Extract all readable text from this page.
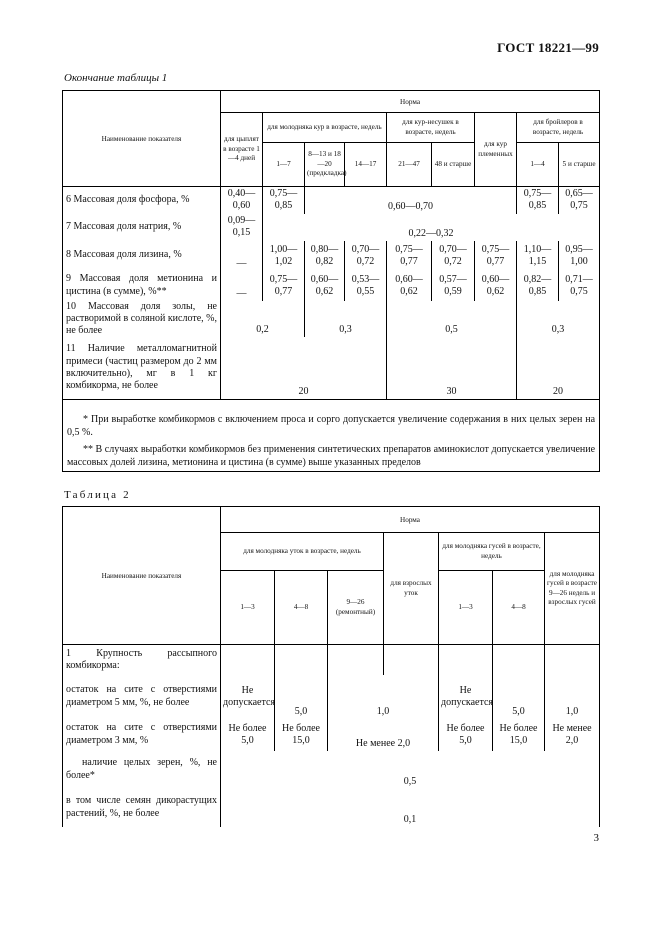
ГОСТ 18221—99
Окончание таблицы 1
Наименование показателя	Норма								
	для цыплят в возрасте 1—4 дней	для молодняка кур в возрасте, недель			для кур-несушек в возрасте, недель		для кур племенных	для бройлеров в возрасте, недель	
		1—7	8—13 и 18—20 (предкладка)	14—17	21—47	48 и старше		1—4	5 и старше
6 Массовая доля фосфора, %	0,40—0,60	0,75—0,85	0,60—0,70					0,75—0,85	0,65—0,75
7 Массовая доля натрия, %	0,09—0,15	0,22—0,32							
8 Массовая доля лизина, %	—	1,00—1,02	0,80—0,82	0,70—0,72	0,75—0,77	0,70—0,72	0,75—0,77	1,10—1,15	0,95—1,00
9 Массовая доля метионина и цистина (в сумме), %**	—	0,75—0,77	0,60—0,62	0,53—0,55	0,60—0,62	0,57—0,59	0,60—0,62	0,82—0,85	0,71—0,75
10 Массовая доля золы, не растворимой в соляной кислоте, %, не более	0,2		0,3		0,5			0,3	
11 Наличие металломагнитной примеси (частиц размером до 2 мм включительно), мг в 1 кг комбикорма, не более	20				30			20	

* При выработке комбикормов с включением проса и сорго допускается увеличение содержания в них целых зерен на 0,5 %.

** В случаях выработки комбикормов без применения синтетических препаратов аминокислот допускается увеличение массовых долей лизина, метионина и цистина (в сумме) выше указанных пределов									

Таблица 2
Наименование показателя	Норма						
	для молодняка уток в возрасте, недель			для взрослых уток	для молодняка гусей в возрасте, недель		для молодняка гусей в возрасте 9—26 недель и взрослых гусей
	1—3	4—8	9—26 (ремонтный)		1—3	4—8	
1 Крупность рассыпного комбикорма:							
остаток на сите с отверстиями диаметром 5 мм, %, не более	Не допускается	5,0	1,0		Не допускается	5,0	1,0
остаток на сите с отверстиями диаметром 3 мм, %	Не более 5,0	Не более 15,0	Не менее 2,0		Не более 5,0	Не более 15,0	Не менее 2,0
наличие целых зерен, %, не более*	0,5						
в том числе семян дикорастущих растений, %, не более	0,1						
3
